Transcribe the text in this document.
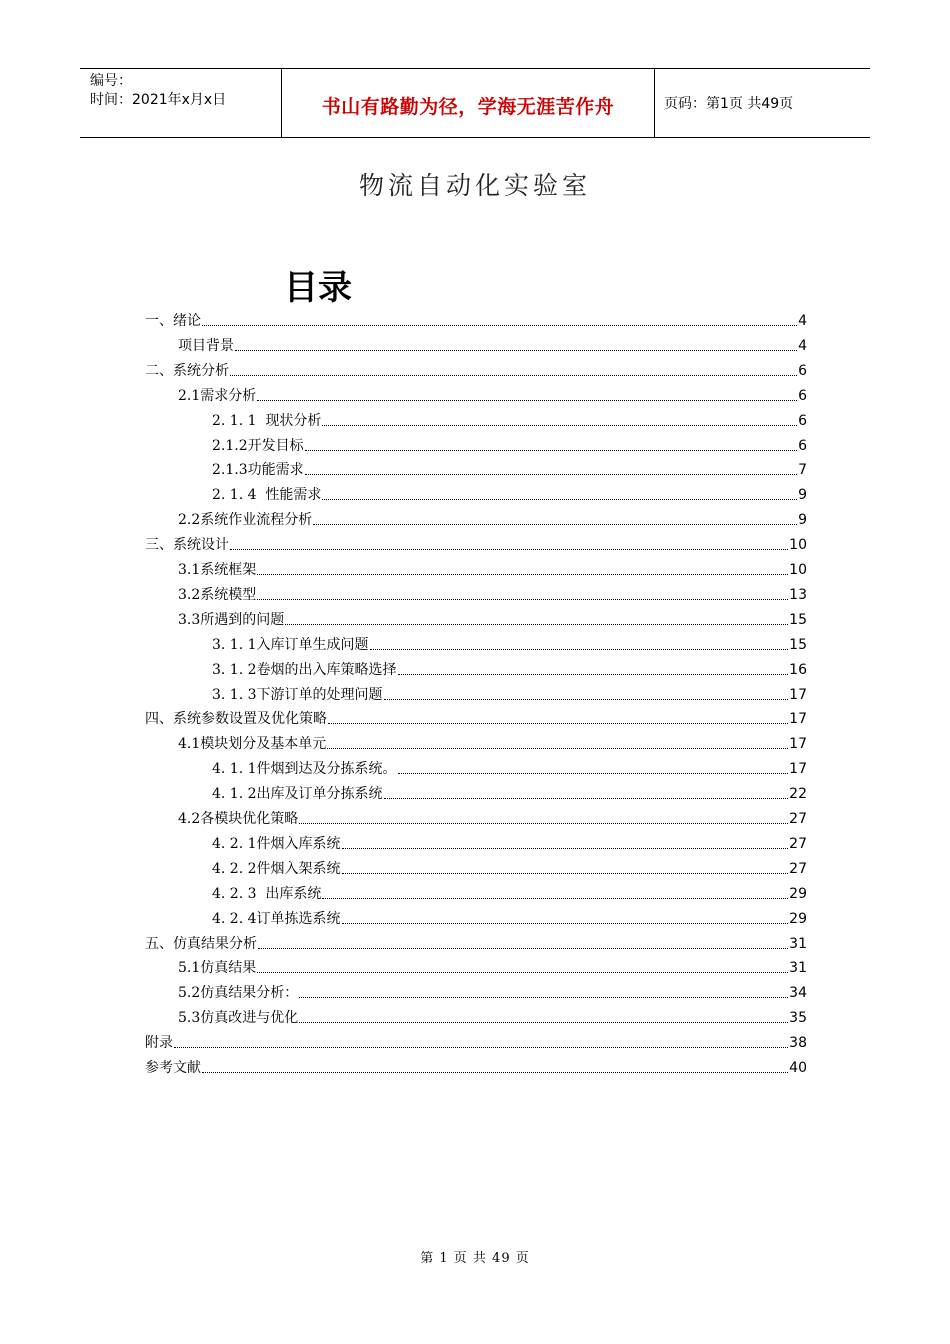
编号：
时间：2021年x月x日	书山有路勤为径，学海无涯苦作舟	页码：第1页 共49页
物流自动化实验室
目录
一、绪论	4
项目背景	4
二、系统分析	6
2.1需求分析	6
2. 1. 1  现状分析	6
2.1.2开发目标	6
2.1.3功能需求	7
2. 1. 4  性能需求	9
2.2系统作业流程分析	9
三、系统设计	10
3.1系统框架	10
3.2系统模型	13
3.3所遇到的问题	15
3. 1. 1入库订单生成问题	15
3. 1. 2卷烟的出入库策略选择	16
3. 1. 3下游订单的处理问题	17
四、系统参数设置及优化策略	17
4.1模块划分及基本单元	17
4. 1. 1件烟到达及分拣系统。	17
4. 1. 2出库及订单分拣系统	22
4.2各模块优化策略	27
4. 2. 1件烟入库系统	27
4. 2. 2件烟入架系统	27
4. 2. 3  出库系统	29
4. 2. 4订单拣选系统	29
五、仿真结果分析	31
5.1仿真结果	31
5.2仿真结果分析：	34
5.3仿真改进与优化	35
附录	38
参考文献	40
第 1 页 共 49 页
